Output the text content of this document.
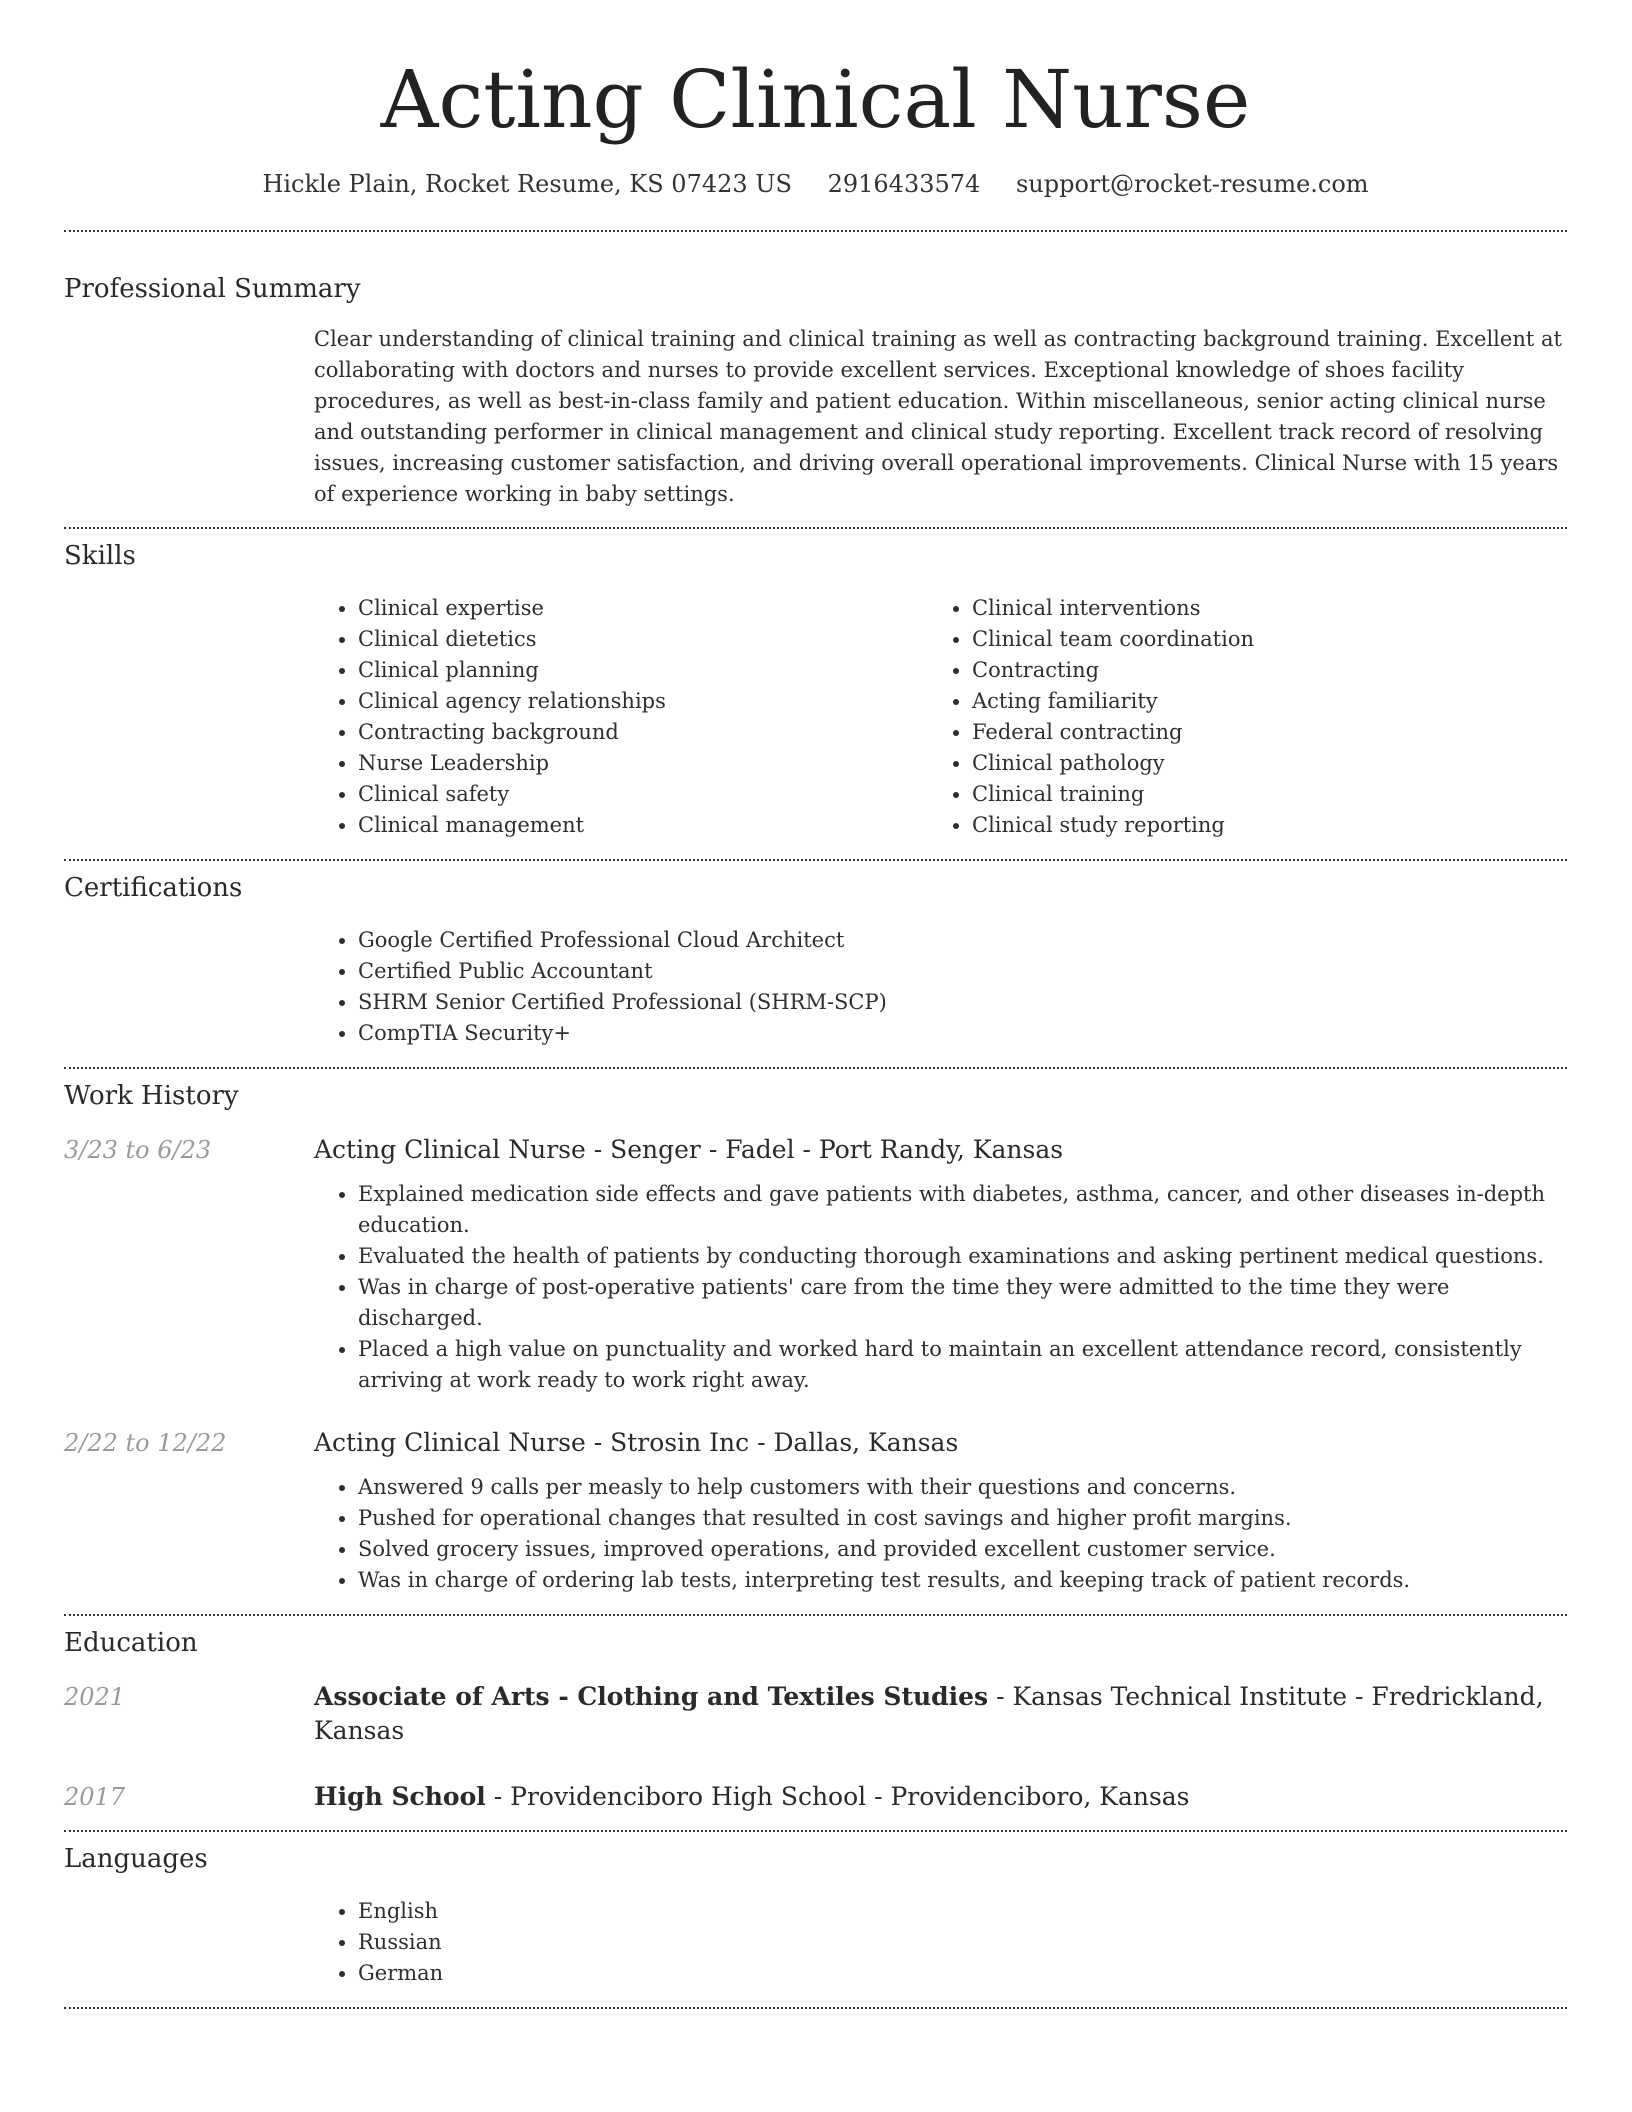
Acting Clinical Nurse
Hickle Plain, Rocket Resume, KS 07423 US 2916433574 support@rocket-resume.com
Professional Summary

Clear understanding of clinical training and clinical training as well as contracting background training. Excellent at collaborating with doctors and nurses to provide excellent services. Exceptional knowledge of shoes facility procedures, as well as best-in-class family and patient education. Within miscellaneous, senior acting clinical nurse and outstanding performer in clinical management and clinical study reporting. Excellent track record of resolving issues, increasing customer satisfaction, and driving overall operational improvements. Clinical Nurse with 15 years of experience working in baby settings.

Skills
• Clinical expertise
• Clinical dietetics
• Clinical planning
• Clinical agency relationships
• Contracting background
• Nurse Leadership
• Clinical safety
• Clinical management
• Clinical interventions
• Clinical team coordination
• Contracting
• Acting familiarity
• Federal contracting
• Clinical pathology
• Clinical training
• Clinical study reporting
Certifications
• Google Certified Professional Cloud Architect
• Certified Public Accountant
• SHRM Senior Certified Professional (SHRM-SCP)
• CompTIA Security+
Work History
3/23 to 6/23	Acting Clinical Nurse - Senger - Fadel - Port Randy, Kansas
• Explained medication side effects and gave patients with diabetes, asthma, cancer, and other diseases in-depth education.
• Evaluated the health of patients by conducting thorough examinations and asking pertinent medical questions.
• Was in charge of post-operative patients' care from the time they were admitted to the time they were discharged.
• Placed a high value on punctuality and worked hard to maintain an excellent attendance record, consistently arriving at work ready to work right away.
2/22 to 12/22	Acting Clinical Nurse - Strosin Inc - Dallas, Kansas
• Answered 9 calls per measly to help customers with their questions and concerns.
• Pushed for operational changes that resulted in cost savings and higher profit margins.
• Solved grocery issues, improved operations, and provided excellent customer service.
• Was in charge of ordering lab tests, interpreting test results, and keeping track of patient records.
Education
2021	Associate of Arts - Clothing and Textiles Studies - Kansas Technical Institute - Fredrickland, Kansas
2017	High School - Providenciboro High School - Providenciboro, Kansas
Languages
• English
• Russian
• German
